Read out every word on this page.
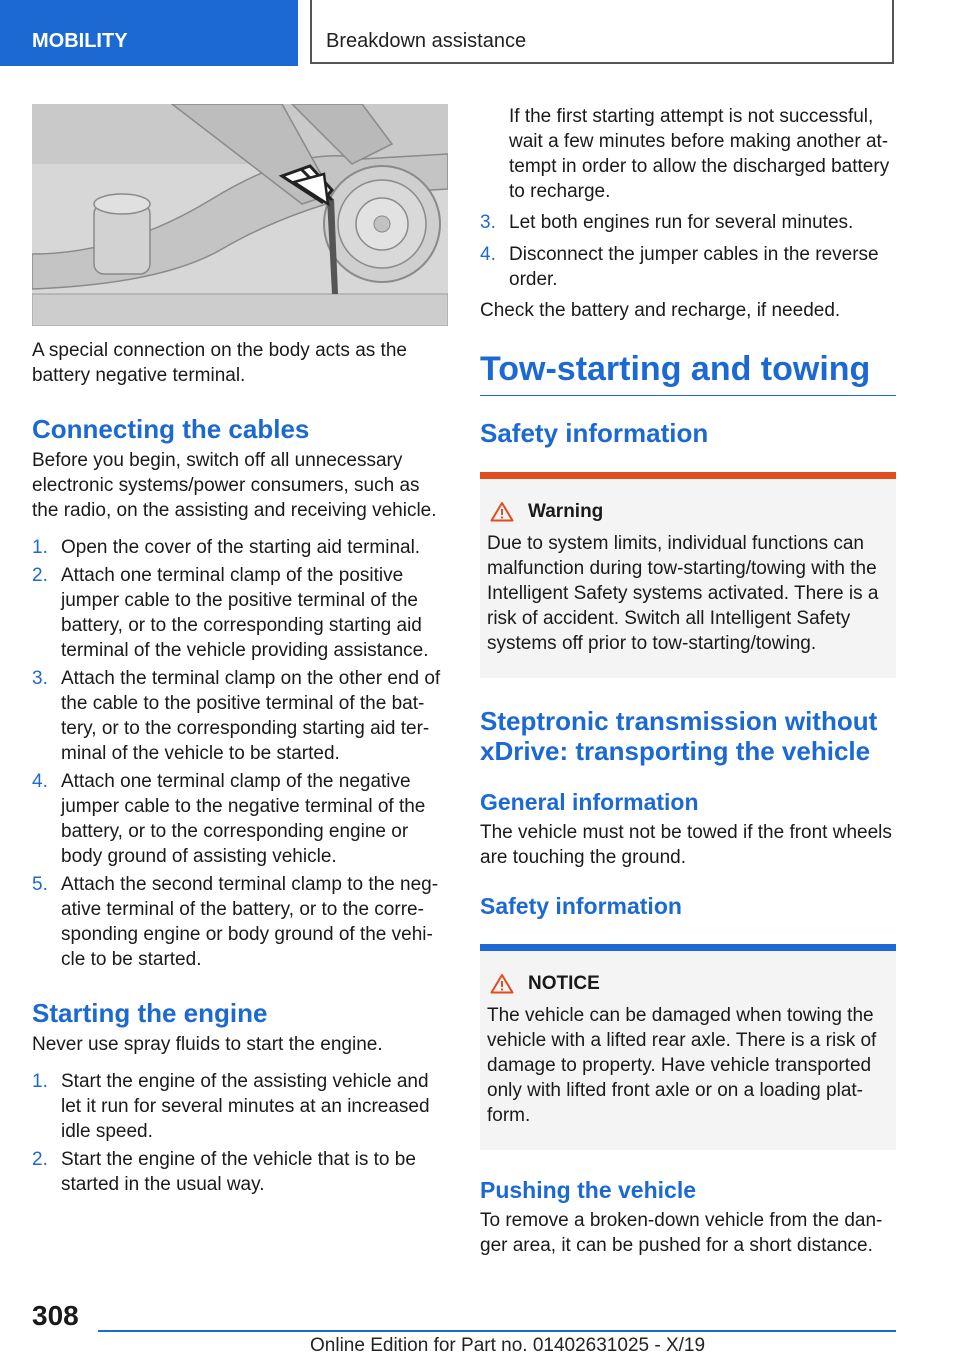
MOBILITY	Breakdown assistance

A special connection on the body acts as the battery negative terminal.

Connecting the cables

Before you begin, switch off all unnecessary electronic systems/power consumers, such as the radio, on the assisting and receiving vehicle.

1. Open the cover of the starting aid terminal.
2. Attach one terminal clamp of the positive jumper cable to the positive terminal of the battery, or to the corresponding starting aid terminal of the vehicle providing assistance.
3. Attach the terminal clamp on the other end of the cable to the positive terminal of the bat- tery, or to the corresponding starting aid ter- minal of the vehicle to be started.
4. Attach one terminal clamp of the negative jumper cable to the negative terminal of the battery, or to the corresponding engine or body ground of assisting vehicle.
5. Attach the second terminal clamp to the neg- ative terminal of the battery, or to the corre- sponding engine or body ground of the vehi- cle to be started.
Starting the engine

Never use spray fluids to start the engine.

1. Start the engine of the assisting vehicle and let it run for several minutes at an increased idle speed.
2. Start the engine of the vehicle that is to be started in the usual way.

If the first starting attempt is not successful, wait a few minutes before making another at- tempt in order to allow the discharged battery to recharge.

3. Let both engines run for several minutes.
4. Disconnect the jumper cables in the reverse order.

Check the battery and recharge, if needed.

Tow-starting and towing
Safety information
Warning

Due to system limits, individual functions can malfunction during tow-starting/towing with the Intelligent Safety systems activated. There is a risk of accident. Switch all Intelligent Safety systems off prior to tow-starting/towing.

Steptronic transmission without xDrive: transporting the vehicle
General information

The vehicle must not be towed if the front wheels are touching the ground.

Safety information
NOTICE

The vehicle can be damaged when towing the vehicle with a lifted rear axle. There is a risk of damage to property. Have vehicle transported only with lifted front axle or on a loading plat- form.

Pushing the vehicle

To remove a broken-down vehicle from the dan- ger area, it can be pushed for a short distance.

308
Online Edition for Part no. 01402631025 - X/19
